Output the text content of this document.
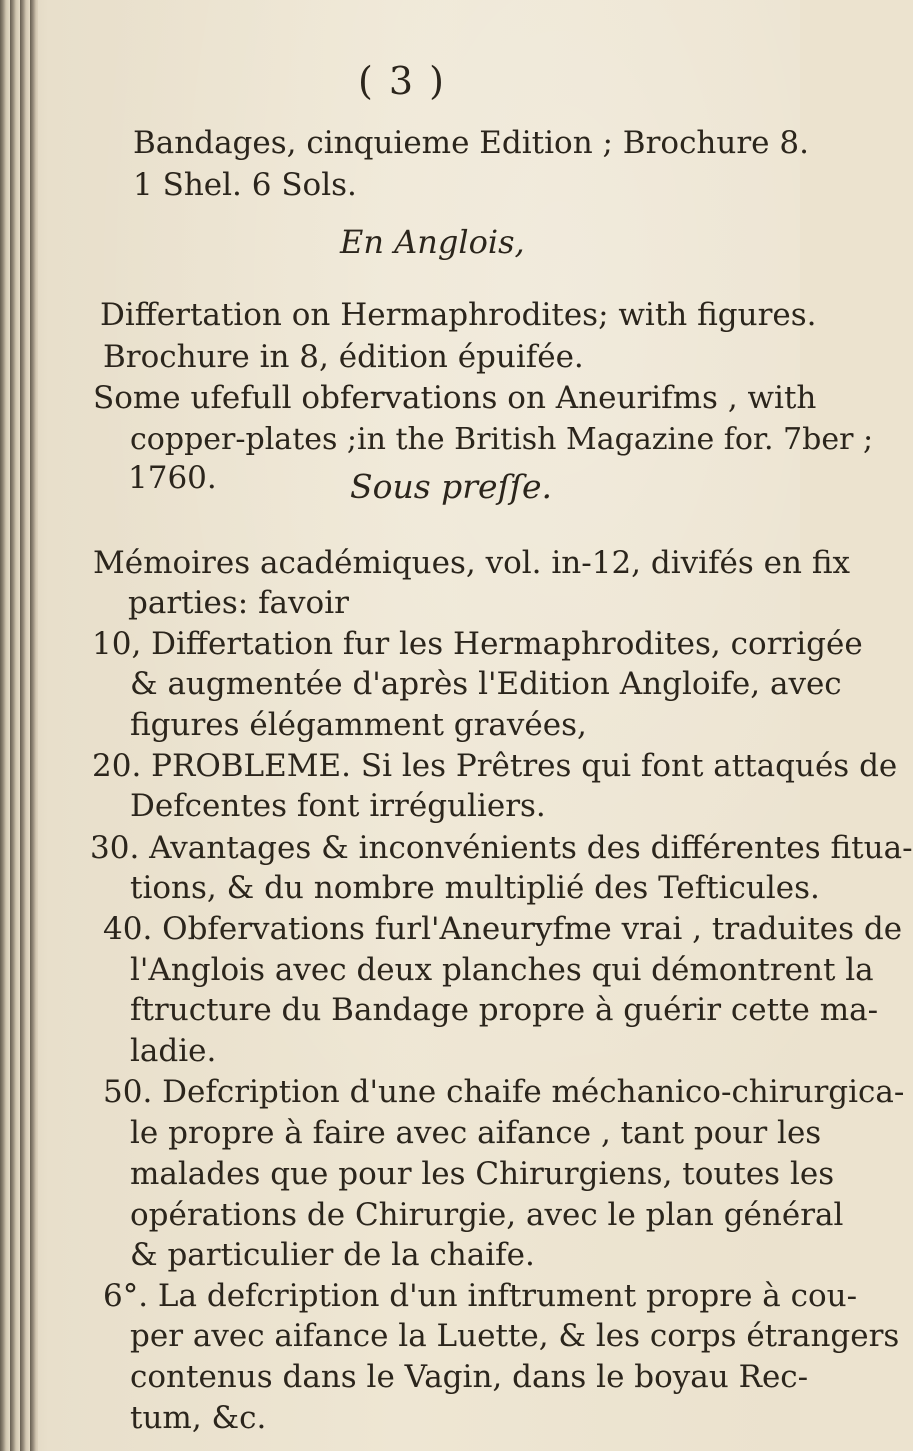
( 3 )
Bandages, cinquieme Edition ; Brochure 8.
1 Shel. 6 Sols.
En Anglois,
Differtation on Hermaphrodites; with figures.
Brochure in 8, édition épuifée.
Some ufefull obfervations on Aneurifms , with
copper-plates ;in the British Magazine for. 7ber ;
1760.	Sous preſſe.
Mémoires académiques, vol. in-12, divifés en fix
parties: favoir
10, Differtation fur les Hermaphrodites, corrigée
& augmentée d'après l'Edition Angloife, avec
figures élégamment gravées,
20. PROBLEME. Si les Prêtres qui font attaqués de
Defcentes font irréguliers.
30. Avantages & inconvénients des différentes fitua-
tions, & du nombre multiplié des Tefticules.
40. Obfervations furl'Aneuryfme vrai , traduites de
l'Anglois avec deux planches qui démontrent la
ftructure du Bandage propre à guérir cette ma-
ladie.
50. Defcription d'une chaife méchanico-chirurgica-
le propre à faire avec aifance , tant pour les
malades que pour les Chirurgiens, toutes les
opérations de Chirurgie, avec le plan général
& particulier de la chaife.
6°. La defcription d'un inftrument propre à cou-
per avec aifance la Luette, & les corps étrangers
contenus dans le Vagin, dans le boyau Rec-
tum, &c.
